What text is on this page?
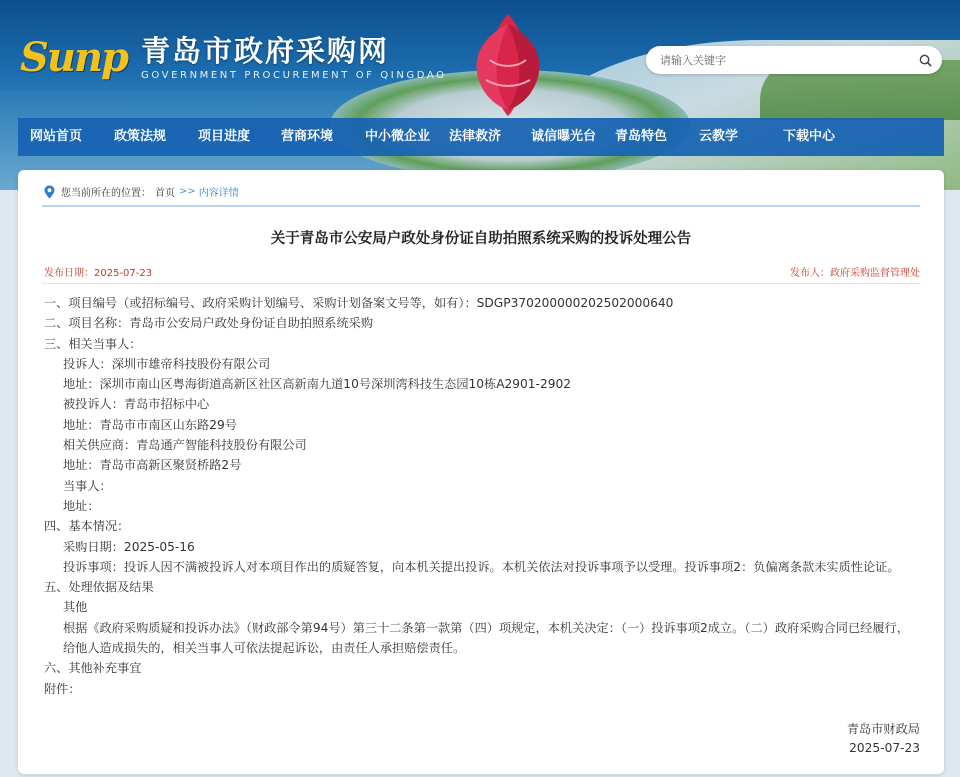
Sunp 青岛市政府采购网
GOVERNMENT PROCUREMENT OF QINGDAO
请输入关键字
网站首页	政策法规	项目进度	营商环境	中小微企业	法律救济	诚信曝光台	青岛特色	云教学	下载中心
您当前所在的位置： 首页 >> 内容详情
关于青岛市公安局户政处身份证自助拍照系统采购的投诉处理公告
发布日期：2025-07-23	发布人：政府采购监督管理处

一、项目编号（或招标编号、政府采购计划编号、采购计划备案文号等，如有）：SDGP370200000202502000640

二、项目名称：青岛市公安局户政处身份证自助拍照系统采购

三、相关当事人：

投诉人：深圳市雄帝科技股份有限公司

地址：深圳市南山区粤海街道高新区社区高新南九道10号深圳湾科技生态园10栋A2901-2902

被投诉人：青岛市招标中心

地址：青岛市市南区山东路29号

相关供应商：青岛通产智能科技股份有限公司

地址：青岛市高新区聚贤桥路2号

当事人：

地址：

四、基本情况：

采购日期：2025-05-16

投诉事项：投诉人因不满被投诉人对本项目作出的质疑答复，向本机关提出投诉。本机关依法对投诉事项予以受理。投诉事项2：负偏离条款未实质性论证。

五、处理依据及结果

其他

根据《政府采购质疑和投诉办法》（财政部令第94号）第三十二条第一款第（四）项规定，本机关决定：（一）投诉事项2成立。（二）政府采购合同已经履行，给他人造成损失的，相关当事人可依法提起诉讼，由责任人承担赔偿责任。

六、其他补充事宜

附件：

青岛市财政局
2025-07-23
